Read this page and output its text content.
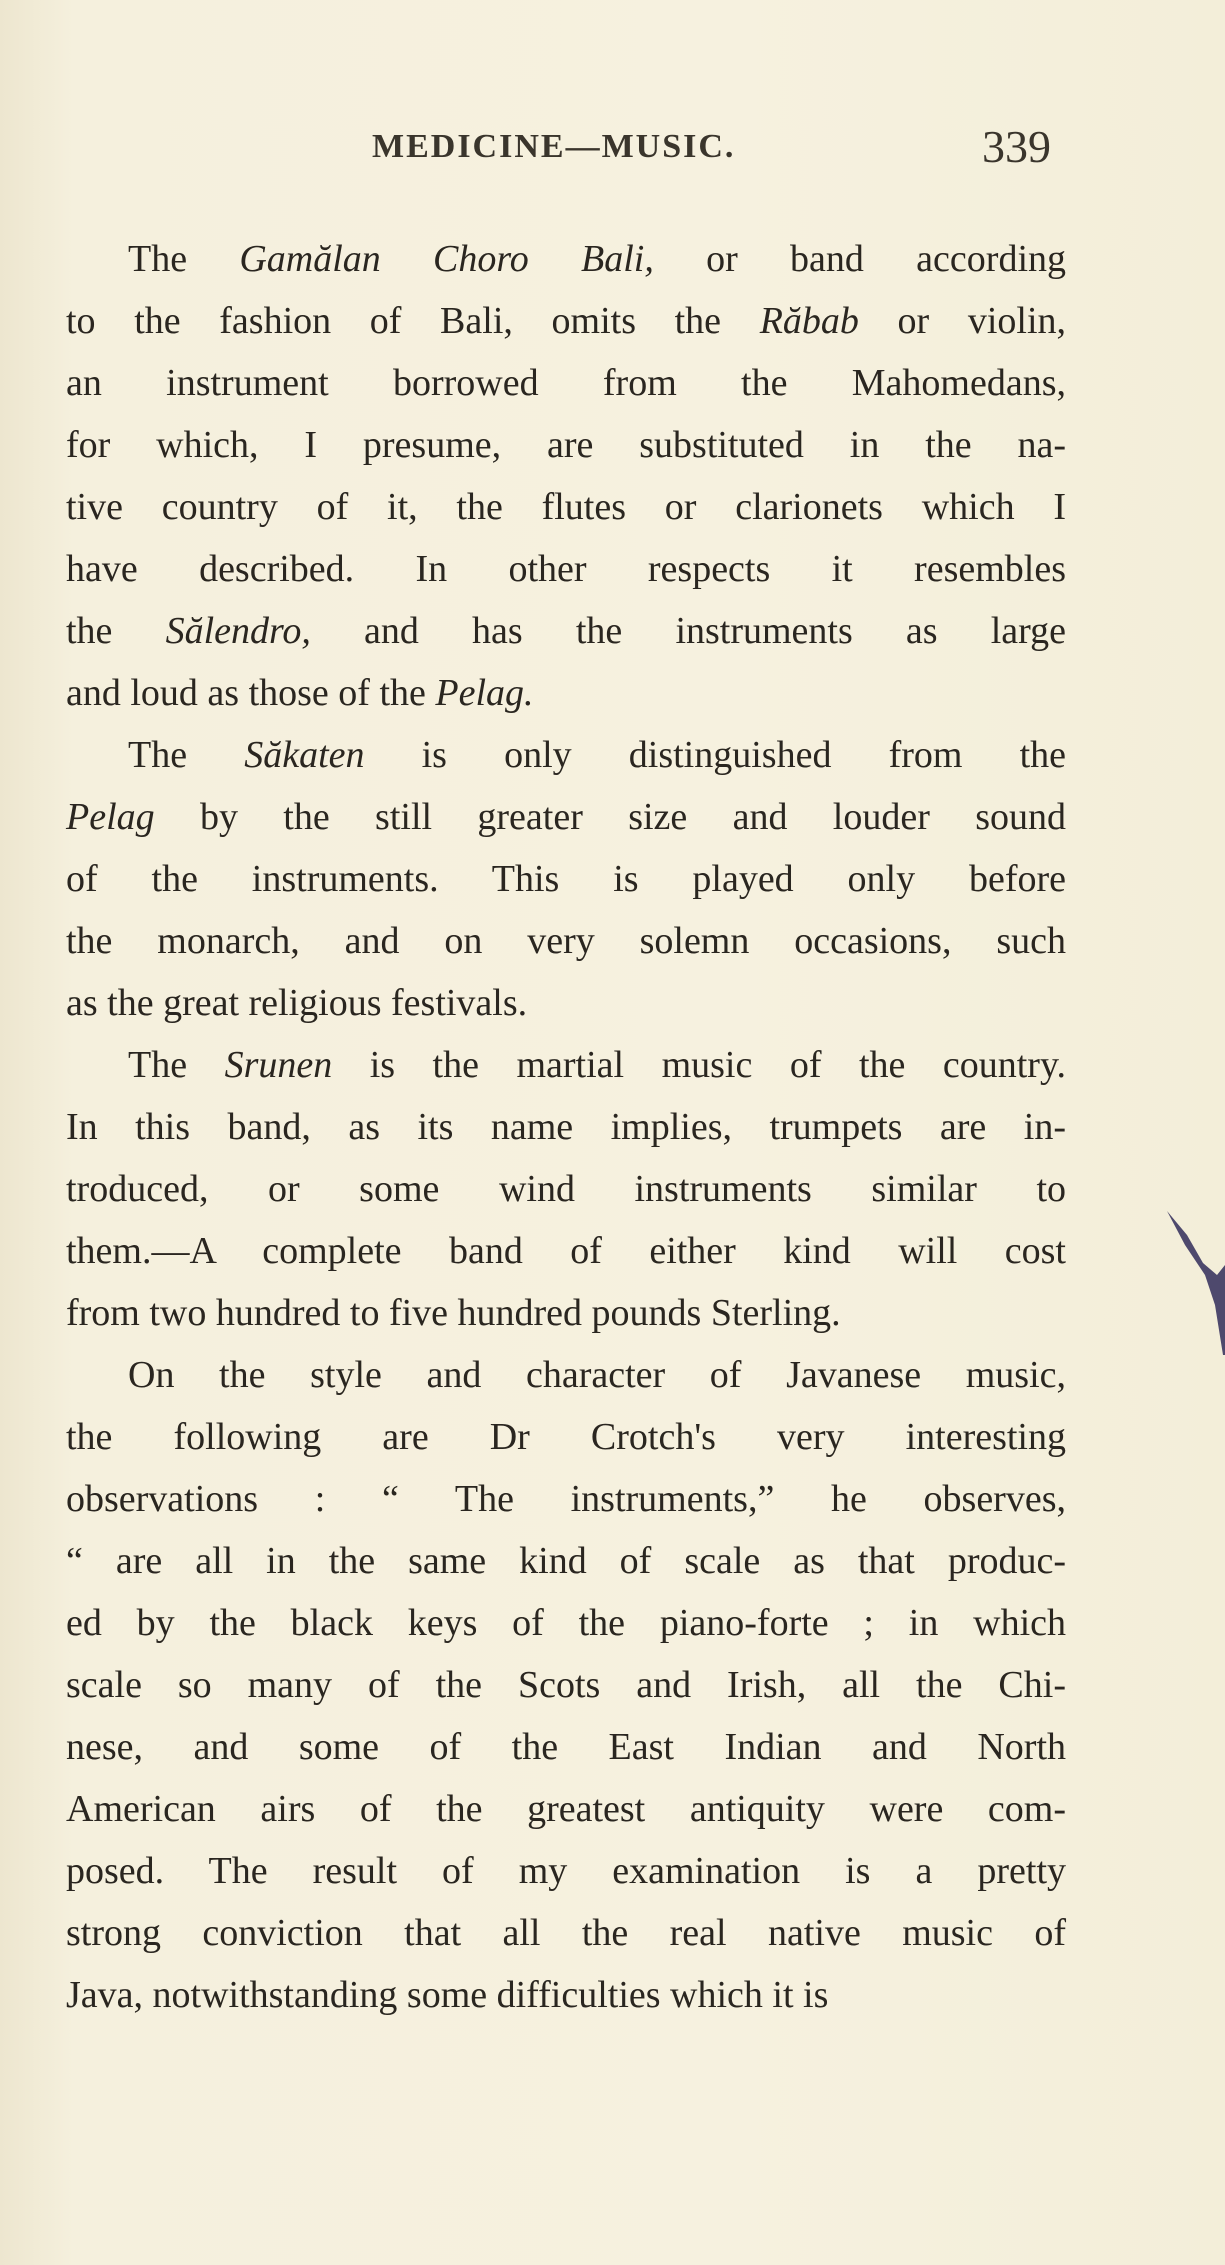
MEDICINE—MUSIC.	339
The Gamălan Choro Bali, or band according
to the fashion of Bali, omits the Răbab or violin,
an instrument borrowed from the Mahomedans,
for which, I presume, are substituted in the na-
tive country of it, the flutes or clarionets which I
have described. In other respects it resembles
the Sălendro, and has the instruments as large
and loud as those of the Pelag.
The Săkaten is only distinguished from the
Pelag by the still greater size and louder sound
of the instruments. This is played only before
the monarch, and on very solemn occasions, such
as the great religious festivals.
The Srunen is the martial music of the country.
In this band, as its name implies, trumpets are in-
troduced, or some wind instruments similar to
them.—A complete band of either kind will cost
from two hundred to five hundred pounds Sterling.
On the style and character of Javanese music,
the following are Dr Crotch's very interesting
observations : “ The instruments,” he observes,
“ are all in the same kind of scale as that produc-
ed by the black keys of the piano-forte ; in which
scale so many of the Scots and Irish, all the Chi-
nese, and some of the East Indian and North
American airs of the greatest antiquity were com-
posed. The result of my examination is a pretty
strong conviction that all the real native music of
Java, notwithstanding some difficulties which it is
